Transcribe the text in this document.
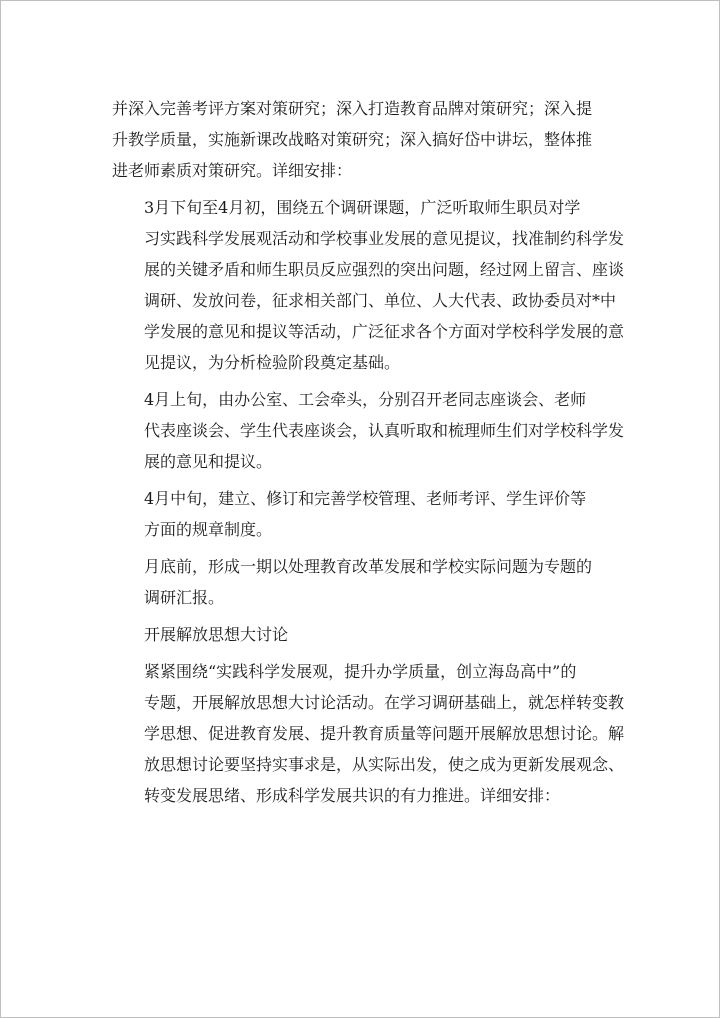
并深入完善考评方案对策研究；深入打造教育品牌对策研究；深入提
升教学质量，实施新课改战略对策研究；深入搞好岱中讲坛，整体推
进老师素质对策研究。详细安排：

3月下旬至4月初，围绕五个调研课题，广泛听取师生职员对学
习实践科学发展观活动和学校事业发展的意见提议，找准制约科学发
展的关键矛盾和师生职员反应强烈的突出问题，经过网上留言、座谈
调研、发放问卷，征求相关部门、单位、人大代表、政协委员对*中
学发展的意见和提议等活动，广泛征求各个方面对学校科学发展的意
见提议，为分析检验阶段奠定基础。

4月上旬，由办公室、工会牵头，分别召开老同志座谈会、老师
代表座谈会、学生代表座谈会，认真听取和梳理师生们对学校科学发
展的意见和提议。

4月中旬，建立、修订和完善学校管理、老师考评、学生评价等
方面的规章制度。

月底前，形成一期以处理教育改革发展和学校实际问题为专题的
调研汇报。

开展解放思想大讨论

紧紧围绕“实践科学发展观，提升办学质量，创立海岛高中”的
专题，开展解放思想大讨论活动。在学习调研基础上，就怎样转变教
学思想、促进教育发展、提升教育质量等问题开展解放思想讨论。解
放思想讨论要坚持实事求是，从实际出发，使之成为更新发展观念、
转变发展思绪、形成科学发展共识的有力推进。详细安排：
